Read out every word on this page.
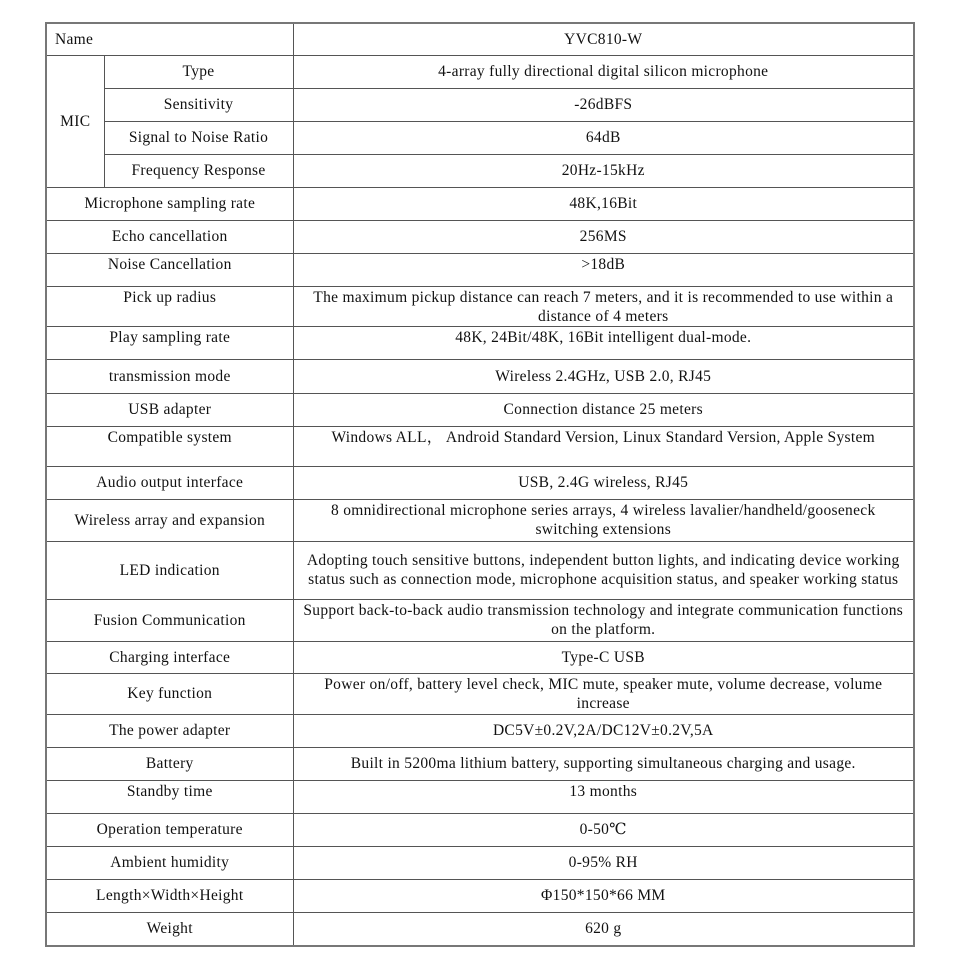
Name		YVC810-W
MIC	Type	4-array fully directional digital silicon microphone
	Sensitivity	-26dBFS
	Signal to Noise Ratio	64dB
	Frequency Response	20Hz-15kHz
Microphone sampling rate		48K,16Bit
Echo cancellation		256MS
Noise Cancellation		>18dB
Pick up radius		The maximum pickup distance can reach 7 meters, and it is recommended to use within a distance of 4 meters
Play sampling rate		48K, 24Bit/48K, 16Bit intelligent dual-mode.
transmission mode		Wireless 2.4GHz, USB 2.0, RJ45
USB adapter		Connection distance 25 meters
Compatible system		Windows ALL， Android Standard Version, Linux Standard Version, Apple System
Audio output interface		USB, 2.4G wireless, RJ45
Wireless array and expansion		8 omnidirectional microphone series arrays, 4 wireless lavalier/handheld/gooseneck switching extensions
LED indication		Adopting touch sensitive buttons, independent button lights, and indicating device working status such as connection mode, microphone acquisition status, and speaker working status
Fusion Communication		Support back-to-back audio transmission technology and integrate communication functions on the platform.
Charging interface		Type-C USB
Key function		Power on/off, battery level check, MIC mute, speaker mute, volume decrease, volume increase
The power adapter		DC5V±0.2V,2A/DC12V±0.2V,5A
Battery		Built in 5200ma lithium battery, supporting simultaneous charging and usage.
Standby time		13 months
Operation temperature		0-50℃
Ambient humidity		0-95% RH
Length×Width×Height		Φ150*150*66 MM
Weight		620 g
